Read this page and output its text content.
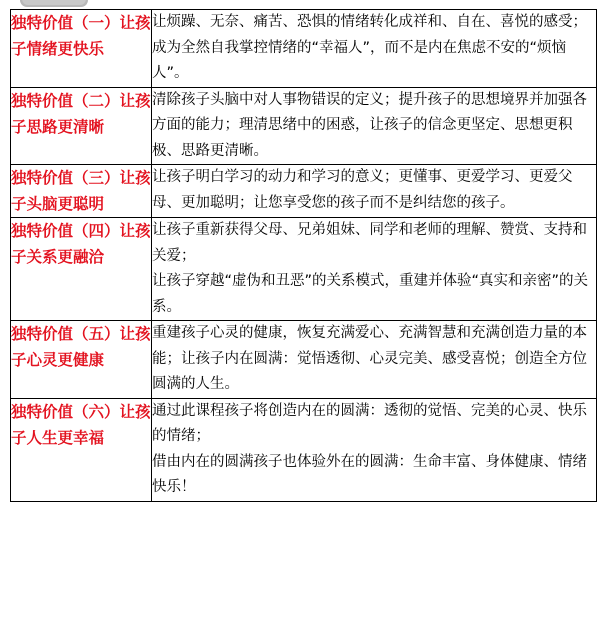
独特价值（一）让孩子情绪更快乐	让烦躁、无奈、痛苦、恐惧的情绪转化成祥和、自在、喜悦的感受；
成为全然自我掌控情绪的“幸福人”，而不是内在焦虑不安的“烦恼人”。

独特价值（二）让孩子思路更清晰	清除孩子头脑中对人事物错误的定义；提升孩子的思想境界并加强各方面的能力；理清思绪中的困惑，让孩子的信念更坚定、思想更积极、思路更清晰。

独特价值（三）让孩子头脑更聪明	让孩子明白学习的动力和学习的意义；更懂事、更爱学习、更爱父母、更加聪明；让您享受您的孩子而不是纠结您的孩子。

独特价值（四）让孩子关系更融洽	让孩子重新获得父母、兄弟姐妹、同学和老师的理解、赞赏、支持和关爱；
让孩子穿越“虚伪和丑恶”的关系模式，重建并体验“真实和亲密”的关系。

独特价值（五）让孩子心灵更健康	重建孩子心灵的健康，恢复充满爱心、充满智慧和充满创造力量的本能；让孩子内在圆满：觉悟透彻、心灵完美、感受喜悦；创造全方位圆满的人生。

独特价值（六）让孩子人生更幸福	通过此课程孩子将创造内在的圆满：透彻的觉悟、完美的心灵、快乐的情绪；
借由内在的圆满孩子也体验外在的圆满：生命丰富、身体健康、情绪快乐！
